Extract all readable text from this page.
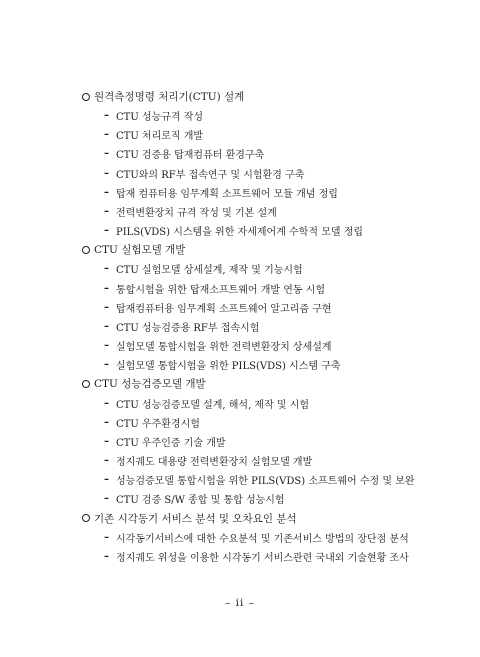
원격측정명령 처리기(CTU) 설계
– CTU 성능규격 작성
– CTU 처리로직 개발
– CTU 검증용 탑재컴퓨터 환경구축
– CTU와의 RF부 접속연구 및 시험환경 구축
– 탑재 컴퓨터용 임무계획 소프트웨어 모듈 개념 정립
– 전력변환장치 규격 작성 및 기본 설계
– PILS(VDS) 시스템을 위한 자세제어계 수학적 모델 정립
CTU 실험모델 개발
– CTU 실험모델 상세설계, 제작 및 기능시험
– 통합시험을 위한 탑재소프트웨어 개발 연동 시험
– 탑재컴퓨터용 임무계획 소프트웨어 알고리즘 구현
– CTU 성능검증용 RF부 접속시험
– 실험모델 통합시험을 위한 전력변환장치 상세설계
– 실험모델 통합시험을 위한 PILS(VDS) 시스템 구축
CTU 성능검증모델 개발
– CTU 성능검증모델 설계, 해석, 제작 및 시험
– CTU 우주환경시험
– CTU 우주인증 기술 개발
– 정지궤도 대용량 전력변환장치 실험모델 개발
– 성능검증모델 통합시험을 위한 PILS(VDS) 소프트웨어 수정 및 보완
– CTU 검증 S/W 종합 및 통합 성능시험
기존 시각동기 서비스 분석 및 오차요인 분석
– 시각동기서비스에 대한 수요분석 및 기존서비스 방법의 장단점 분석
– 정지궤도 위성을 이용한 시각동기 서비스관련 국내외 기술현황 조사
– ii –
